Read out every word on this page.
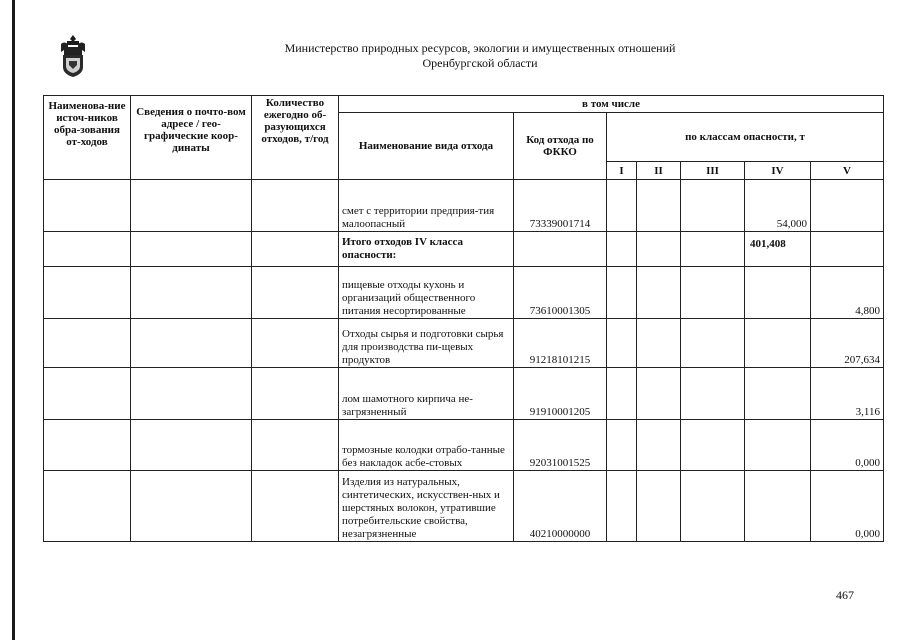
Министерство природных ресурсов, экологии и имущественных отношений
Оренбургской области
Наименова-ние источ-ников обра-зования от-ходов	Сведения о почто-вом адресе / гео-графические коор-динаты	Количество ежегодно об-разующихся отходов, т/год	в том числе						
			Наименование вида отхода	Код отхода по ФККО	по классам опасности, т				
					I	II	III	IV	V
			смет с территории предприя-тия малоопасный	73339001714				54,000	
			Итого отходов IV класса опасности:					401,408	
			пищевые отходы кухонь и организаций общественного питания несортированные	73610001305					4,800
			Отходы сырья и подготовки сырья для производства пи-щевых продуктов	91218101215					207,634
			лом шамотного кирпича не-загрязненный	91910001205					3,116
			тормозные колодки отрабо-танные без накладок асбе-стовых	92031001525					0,000
			Изделия из натуральных, синтетических, искусствен-ных и шерстяных волокон, утратившие потребительские свойства, незагрязненные	40210000000					0,000
467
